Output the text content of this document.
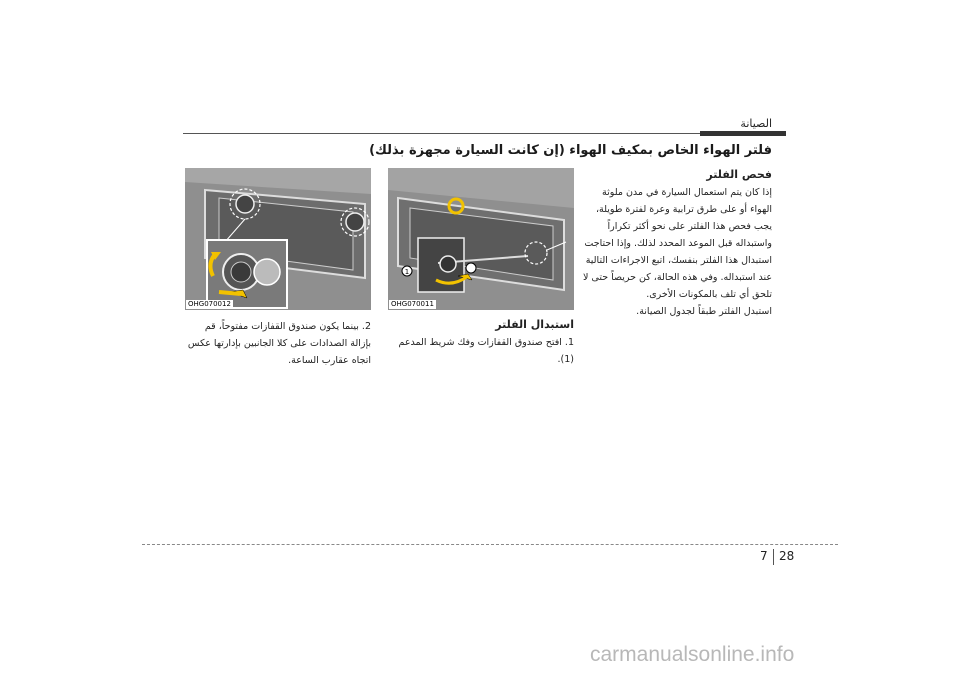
الصيانة
فلتر الهواء الخاص بمكيف الهواء (إن كانت السيارة مجهزة بذلك)
فحص الفلتر
إذا كان يتم استعمال السيارة في مدن ملوثة الهواء أو على طرق ترابية وعرة لفترة طويلة، يجب فحص هذا الفلتر على نحو أكثر تكراراً واستبداله قبل الموعد المحدد لذلك. وإذا احتاجت استبدال هذا الفلتر بنفسك، اتبع الاجراءات التالية عند استبداله. وفي هذه الحالة، كن حريصاً حتى لا تلحق أي تلف بالمكونات الأخرى.
استبدل الفلتر طبقاً لجدول الصيانة.
1
OHG070011
OHG070012
استبدال الفلتر
1. افتح صندوق القفازات وفك شريط المدعم (1).
2. بينما يكون صندوق القفازات مفتوحاً، قم بإزالة الصدادات على كلا الجانبين بإدارتها عكس اتجاه عقارب الساعة.
7 28
carmanualsonline.info
